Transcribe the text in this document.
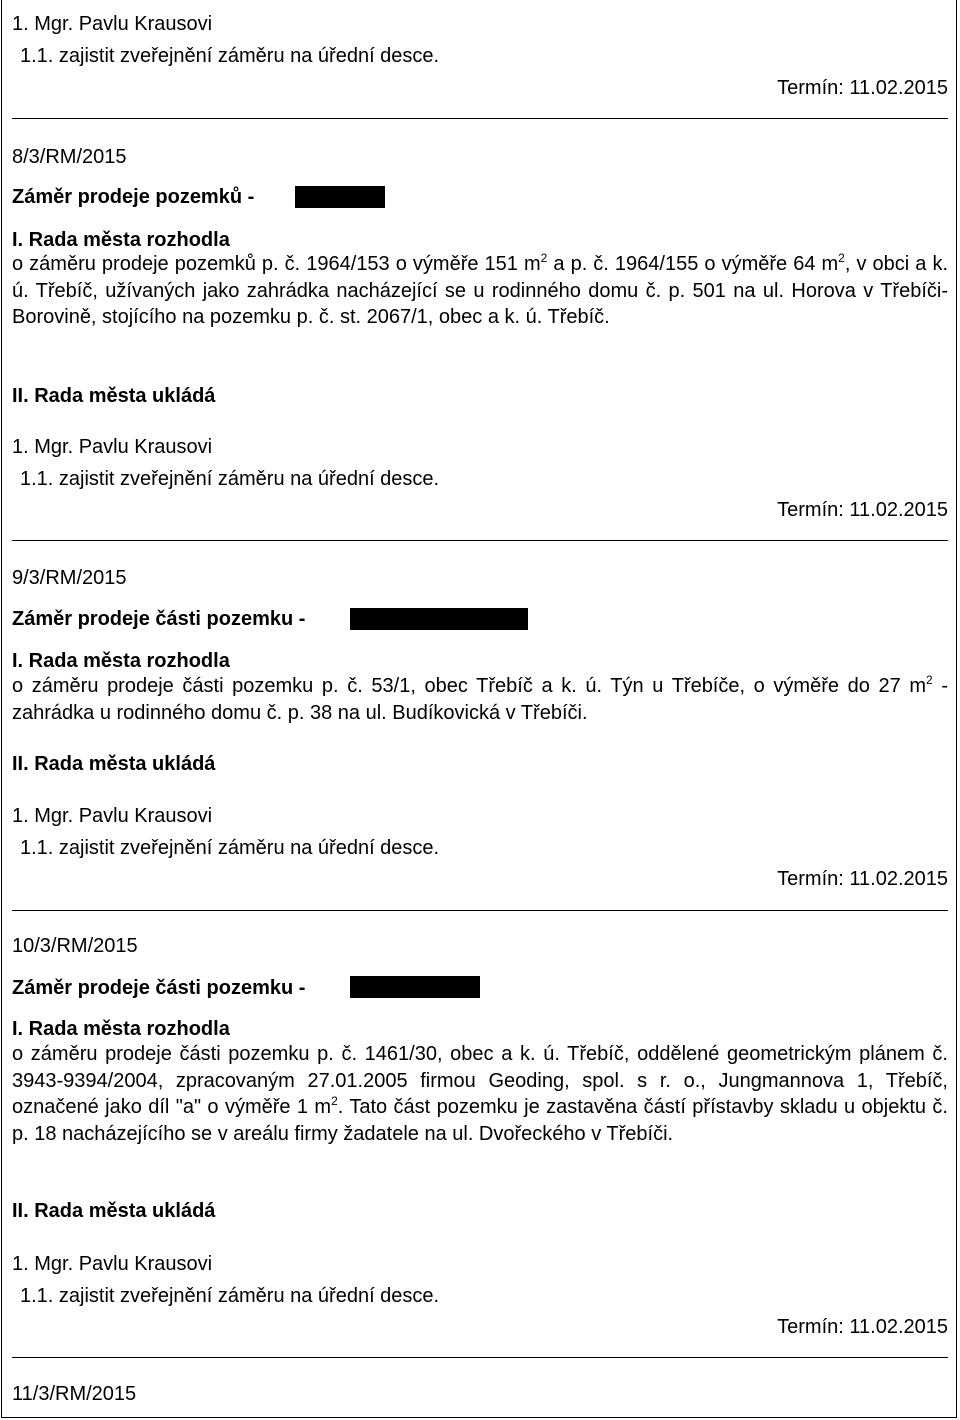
1. Mgr. Pavlu Krausovi
1.1. zajistit zveřejnění záměru na úřední desce.
Termín: 11.02.2015
8/3/RM/2015
Záměr prodeje pozemků -
I. Rada města rozhodla
o záměru prodeje pozemků p. č. 1964/153 o výměře 151 $m^2$ a p. č. 1964/155 o výměře 64 $m^2$, v obci a k. ú. Třebíč, užívaných jako zahrádka nacházející se u rodinného domu č. p. 501 na ul. Horova v Třebíči-Borovině, stojícího na pozemku p. č. st. 2067/1, obec a k. ú. Třebíč.
II. Rada města ukládá
1. Mgr. Pavlu Krausovi
1.1. zajistit zveřejnění záměru na úřední desce.
Termín: 11.02.2015
9/3/RM/2015
Záměr prodeje části pozemku -
I. Rada města rozhodla
o záměru prodeje části pozemku p. č. 53/1, obec Třebíč a k. ú. Týn u Třebíče, o výměře do 27 $m^2$ - zahrádka u rodinného domu č. p. 38 na ul. Budíkovická v Třebíči.
II. Rada města ukládá
1. Mgr. Pavlu Krausovi
1.1. zajistit zveřejnění záměru na úřední desce.
Termín: 11.02.2015
10/3/RM/2015
Záměr prodeje části pozemku -
I. Rada města rozhodla
o záměru prodeje části pozemku p. č. 1461/30, obec a k. ú. Třebíč, oddělené geometrickým plánem č. 3943-9394/2004, zpracovaným 27.01.2005 firmou Geoding, spol. s r. o., Jungmannova 1, Třebíč, označené jako díl "a" o výměře 1 $m^2$. Tato část pozemku je zastavěna částí přístavby skladu u objektu č. p. 18 nacházejícího se v areálu firmy žadatele na ul. Dvořeckého v Třebíči.
II. Rada města ukládá
1. Mgr. Pavlu Krausovi
1.1. zajistit zveřejnění záměru na úřední desce.
Termín: 11.02.2015
11/3/RM/2015
